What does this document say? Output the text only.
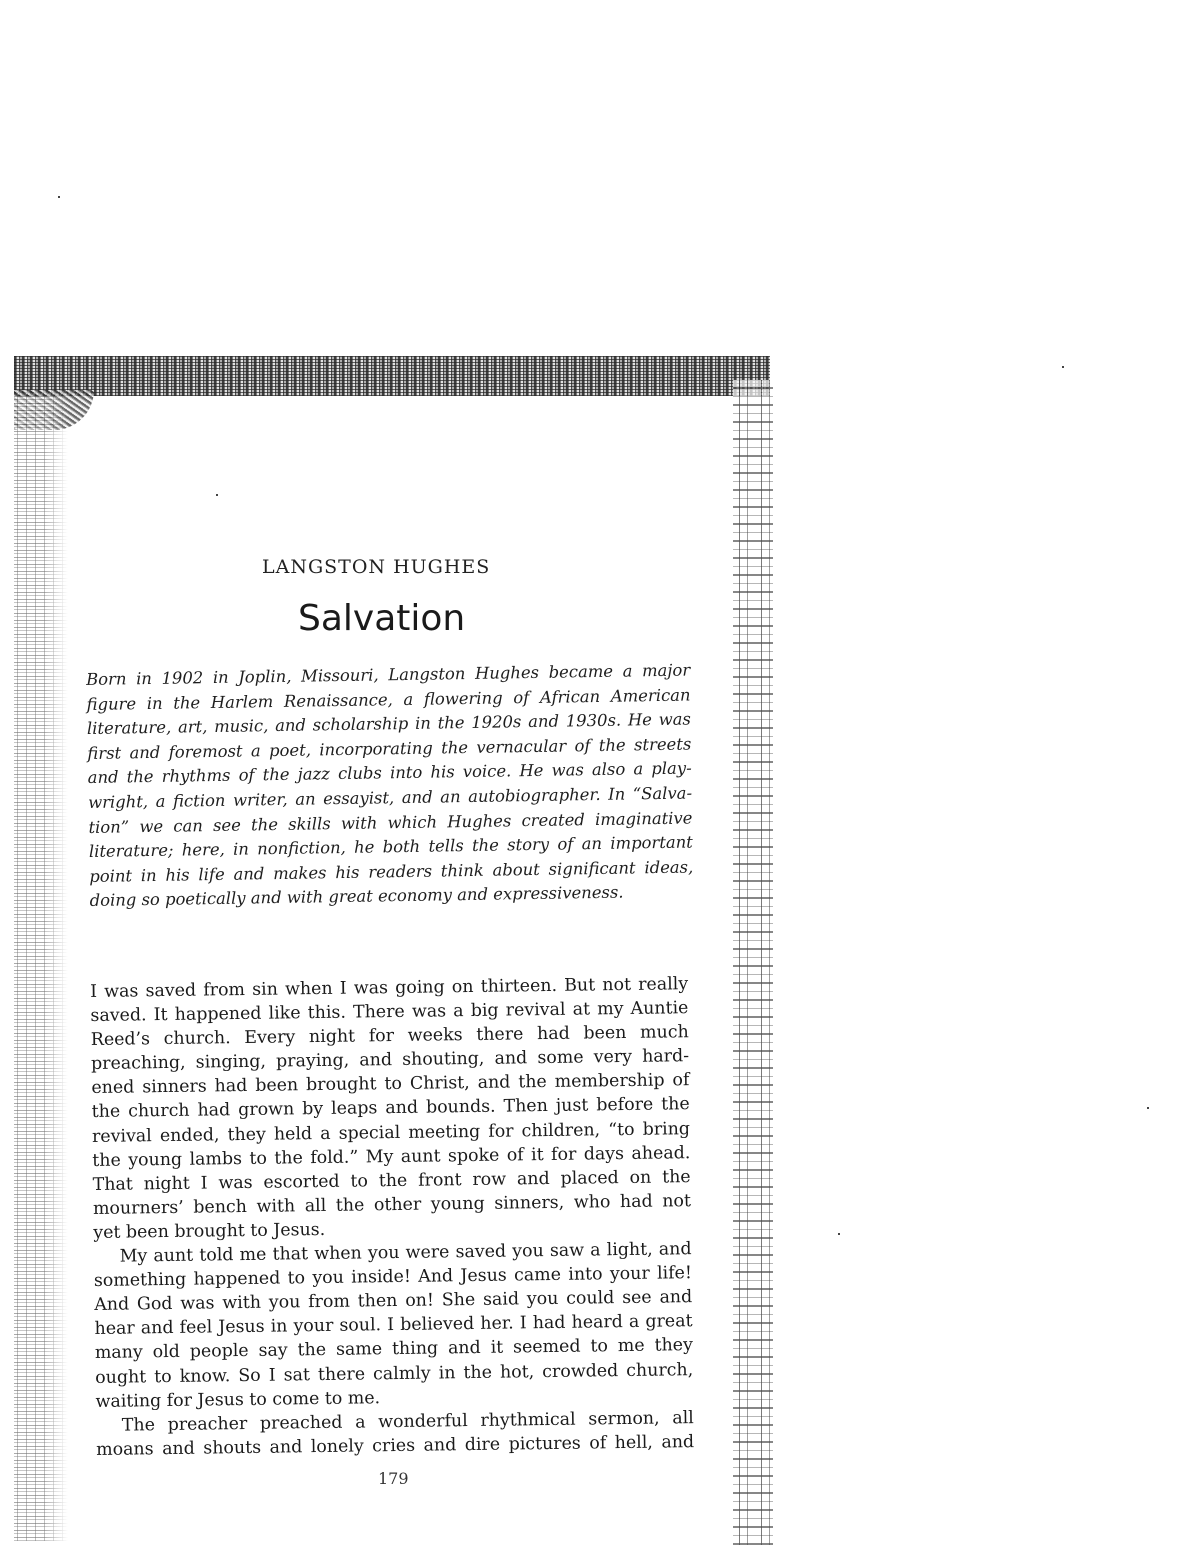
LANGSTON HUGHES
Salvation
Born in 1902 in Joplin, Missouri, Langston Hughes became a major
figure in the Harlem Renaissance, a flowering of African American
literature, art, music, and scholarship in the 1920s and 1930s. He was
first and foremost a poet, incorporating the vernacular of the streets
and the rhythms of the jazz clubs into his voice. He was also a play-
wright, a fiction writer, an essayist, and an autobiographer. In “Salva-
tion” we can see the skills with which Hughes created imaginative
literature; here, in nonfiction, he both tells the story of an important
point in his life and makes his readers think about significant ideas,
doing so poetically and with great economy and expressiveness.
I was saved from sin when I was going on thirteen. But not really
saved. It happened like this. There was a big revival at my Auntie
Reed’s church. Every night for weeks there had been much
preaching, singing, praying, and shouting, and some very hard-
ened sinners had been brought to Christ, and the membership of
the church had grown by leaps and bounds. Then just before the
revival ended, they held a special meeting for children, “to bring
the young lambs to the fold.” My aunt spoke of it for days ahead.
That night I was escorted to the front row and placed on the
mourners’ bench with all the other young sinners, who had not
yet been brought to Jesus.
My aunt told me that when you were saved you saw a light, and
something happened to you inside! And Jesus came into your life!
And God was with you from then on! She said you could see and
hear and feel Jesus in your soul. I believed her. I had heard a great
many old people say the same thing and it seemed to me they
ought to know. So I sat there calmly in the hot, crowded church,
waiting for Jesus to come to me.
The preacher preached a wonderful rhythmical sermon, all
moans and shouts and lonely cries and dire pictures of hell, and
179
